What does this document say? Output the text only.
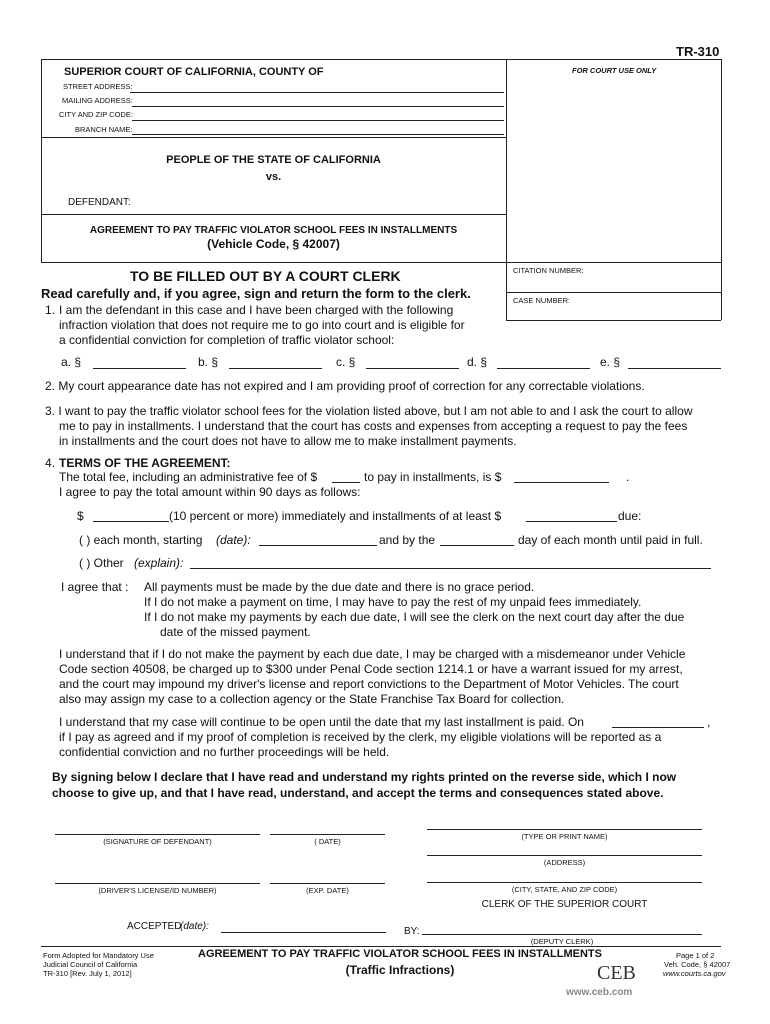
TR-310
FOR COURT USE ONLY
SUPERIOR COURT OF CALIFORNIA, COUNTY OF
STREET ADDRESS:
MAILING ADDRESS:
CITY AND ZIP CODE:
BRANCH NAME:
PEOPLE OF THE STATE OF CALIFORNIA
vs.
DEFENDANT:
AGREEMENT TO PAY TRAFFIC VIOLATOR SCHOOL FEES IN INSTALLMENTS
(Vehicle Code, § 42007)
CITATION NUMBER:
CASE NUMBER:
TO BE FILLED OUT BY A COURT CLERK
Read carefully and, if you agree, sign and return the form to the clerk.
1. I am the defendant in this case and I have been charged with the following
infraction violation that does not require me to go into court and is eligible for
a confidential conviction for completion of traffic violator school:
a. §	b. §	c. §	d. §	e. §
2. My court appearance date has not expired and I am providing proof of correction for any correctable violations.
3. I want to pay the traffic violator school fees for the violation listed above, but I am not able to and I ask the court to allow
me to pay in installments. I understand that the court has costs and expenses from accepting a request to pay the fees
in installments and the court does not have to allow me to make installment payments.
4. TERMS OF THE AGREEMENT:
The total fee, including an administrative fee of $	to pay in installments, is $	.
I agree to pay the total amount within 90 days as follows:
$	(10 percent or more) immediately and installments of at least $	due:
( ) each month, starting (date):	and by the	day of each month until paid in full.
( ) Other (explain):
I agree that : All payments must be made by the due date and there is no grace period.
If I do not make a payment on time, I may have to pay the rest of my unpaid fees immediately.
If I do not make my payments by each due date, I will see the clerk on the next court day after the due
date of the missed payment.
I understand that if I do not make the payment by each due date, I may be charged with a misdemeanor under Vehicle
Code section 40508, be charged up to $300 under Penal Code section 1214.1 or have a warrant issued for my arrest,
and the court may impound my driver's license and report convictions to the Department of Motor Vehicles. The court
also may assign my case to a collection agency or the State Franchise Tax Board for collection.
I understand that my case will continue to be open until the date that my last installment is paid. On	,
if I pay as agreed and if my proof of completion is received by the clerk, my eligible violations will be reported as a
confidential conviction and no further proceedings will be held.
By signing below I declare that I have read and understand my rights printed on the reverse side, which I now
choose to give up, and that I have read, understand, and accept the terms and consequences stated above.
(SIGNATURE OF DEFENDANT)	( DATE)
(TYPE OR PRINT NAME)
(ADDRESS)
(DRIVER'S LICENSE/ID NUMBER)	(EXP. DATE)	(CITY, STATE, AND ZIP CODE)
CLERK OF THE SUPERIOR COURT
ACCEPTED
(date):	BY:
(DEPUTY CLERK)
Form Adopted for Mandatory Use
Judicial Council of California
TR-310 [Rev. July 1, 2012]
AGREEMENT TO PAY TRAFFIC VIOLATOR SCHOOL FEES IN INSTALLMENTS
(Traffic Infractions)
Page 1 of 2
Veh. Code, § 42007
www.courts.ca.gov
CEB
www.ceb.com
